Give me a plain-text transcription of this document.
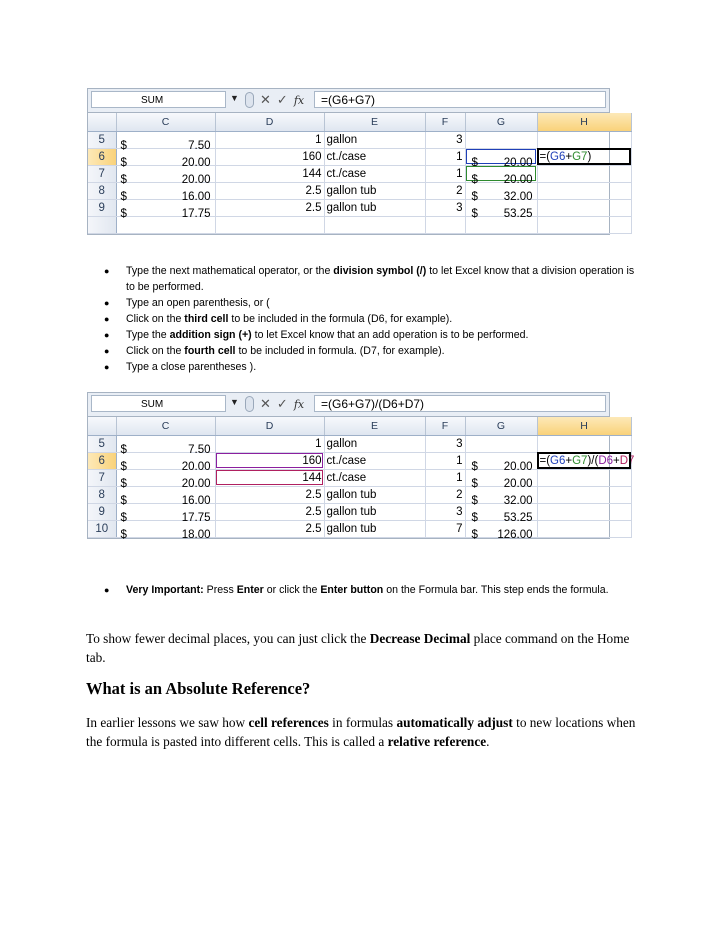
SUM	▼ ✕ ✓ fx	=(G6+G7)
	C	D	E	F	G	H
5	$ 7.50	1	gallon	3		
6	$ 20.00	160	ct./case	1	$ 20.00	=(G6+G7)
7	$ 20.00	144	ct./case	1	$ 20.00	

8	$ 16.00	2.5	gallon tub	2	$ 32.00	

9	$ 17.75	2.5	gallon tub	3	$ 53.25	

● Type the next mathematical operator, or the division symbol (/) to let Excel know that a division operation is to be performed.
● Type an open parenthesis, or (
● Click on the third cell to be included in the formula (D6, for example).
● Type the addition sign (+) to let Excel know that an add operation is to be performed.
● Click on the fourth cell to be included in formula. (D7, for example).
● Type a close parentheses ).
SUM	▼ ✕ ✓ fx	=(G6+G7)/(D6+D7)
	C	D	E	F	G	H
5	$ 7.50	1	gallon	3		
6	$ 20.00	160	ct./case	1	$ 20.00	=(G6+G7)/(D6+D7
7	$ 20.00	144	ct./case	1	$ 20.00	

8	$ 16.00	2.5	gallon tub	2	$ 32.00	

9	$ 17.75	2.5	gallon tub	3	$ 53.25	

10	$ 18.00	2.5	gallon tub	7	$ 126.00	

● Very Important: Press Enter or click the Enter button on the Formula bar. This step ends the formula.

To show fewer decimal places, you can just click the Decrease Decimal place command on the Home tab.

What is an Absolute Reference?

In earlier lessons we saw how cell references in formulas automatically adjust to new locations when the formula is pasted into different cells. This is called a relative reference.
